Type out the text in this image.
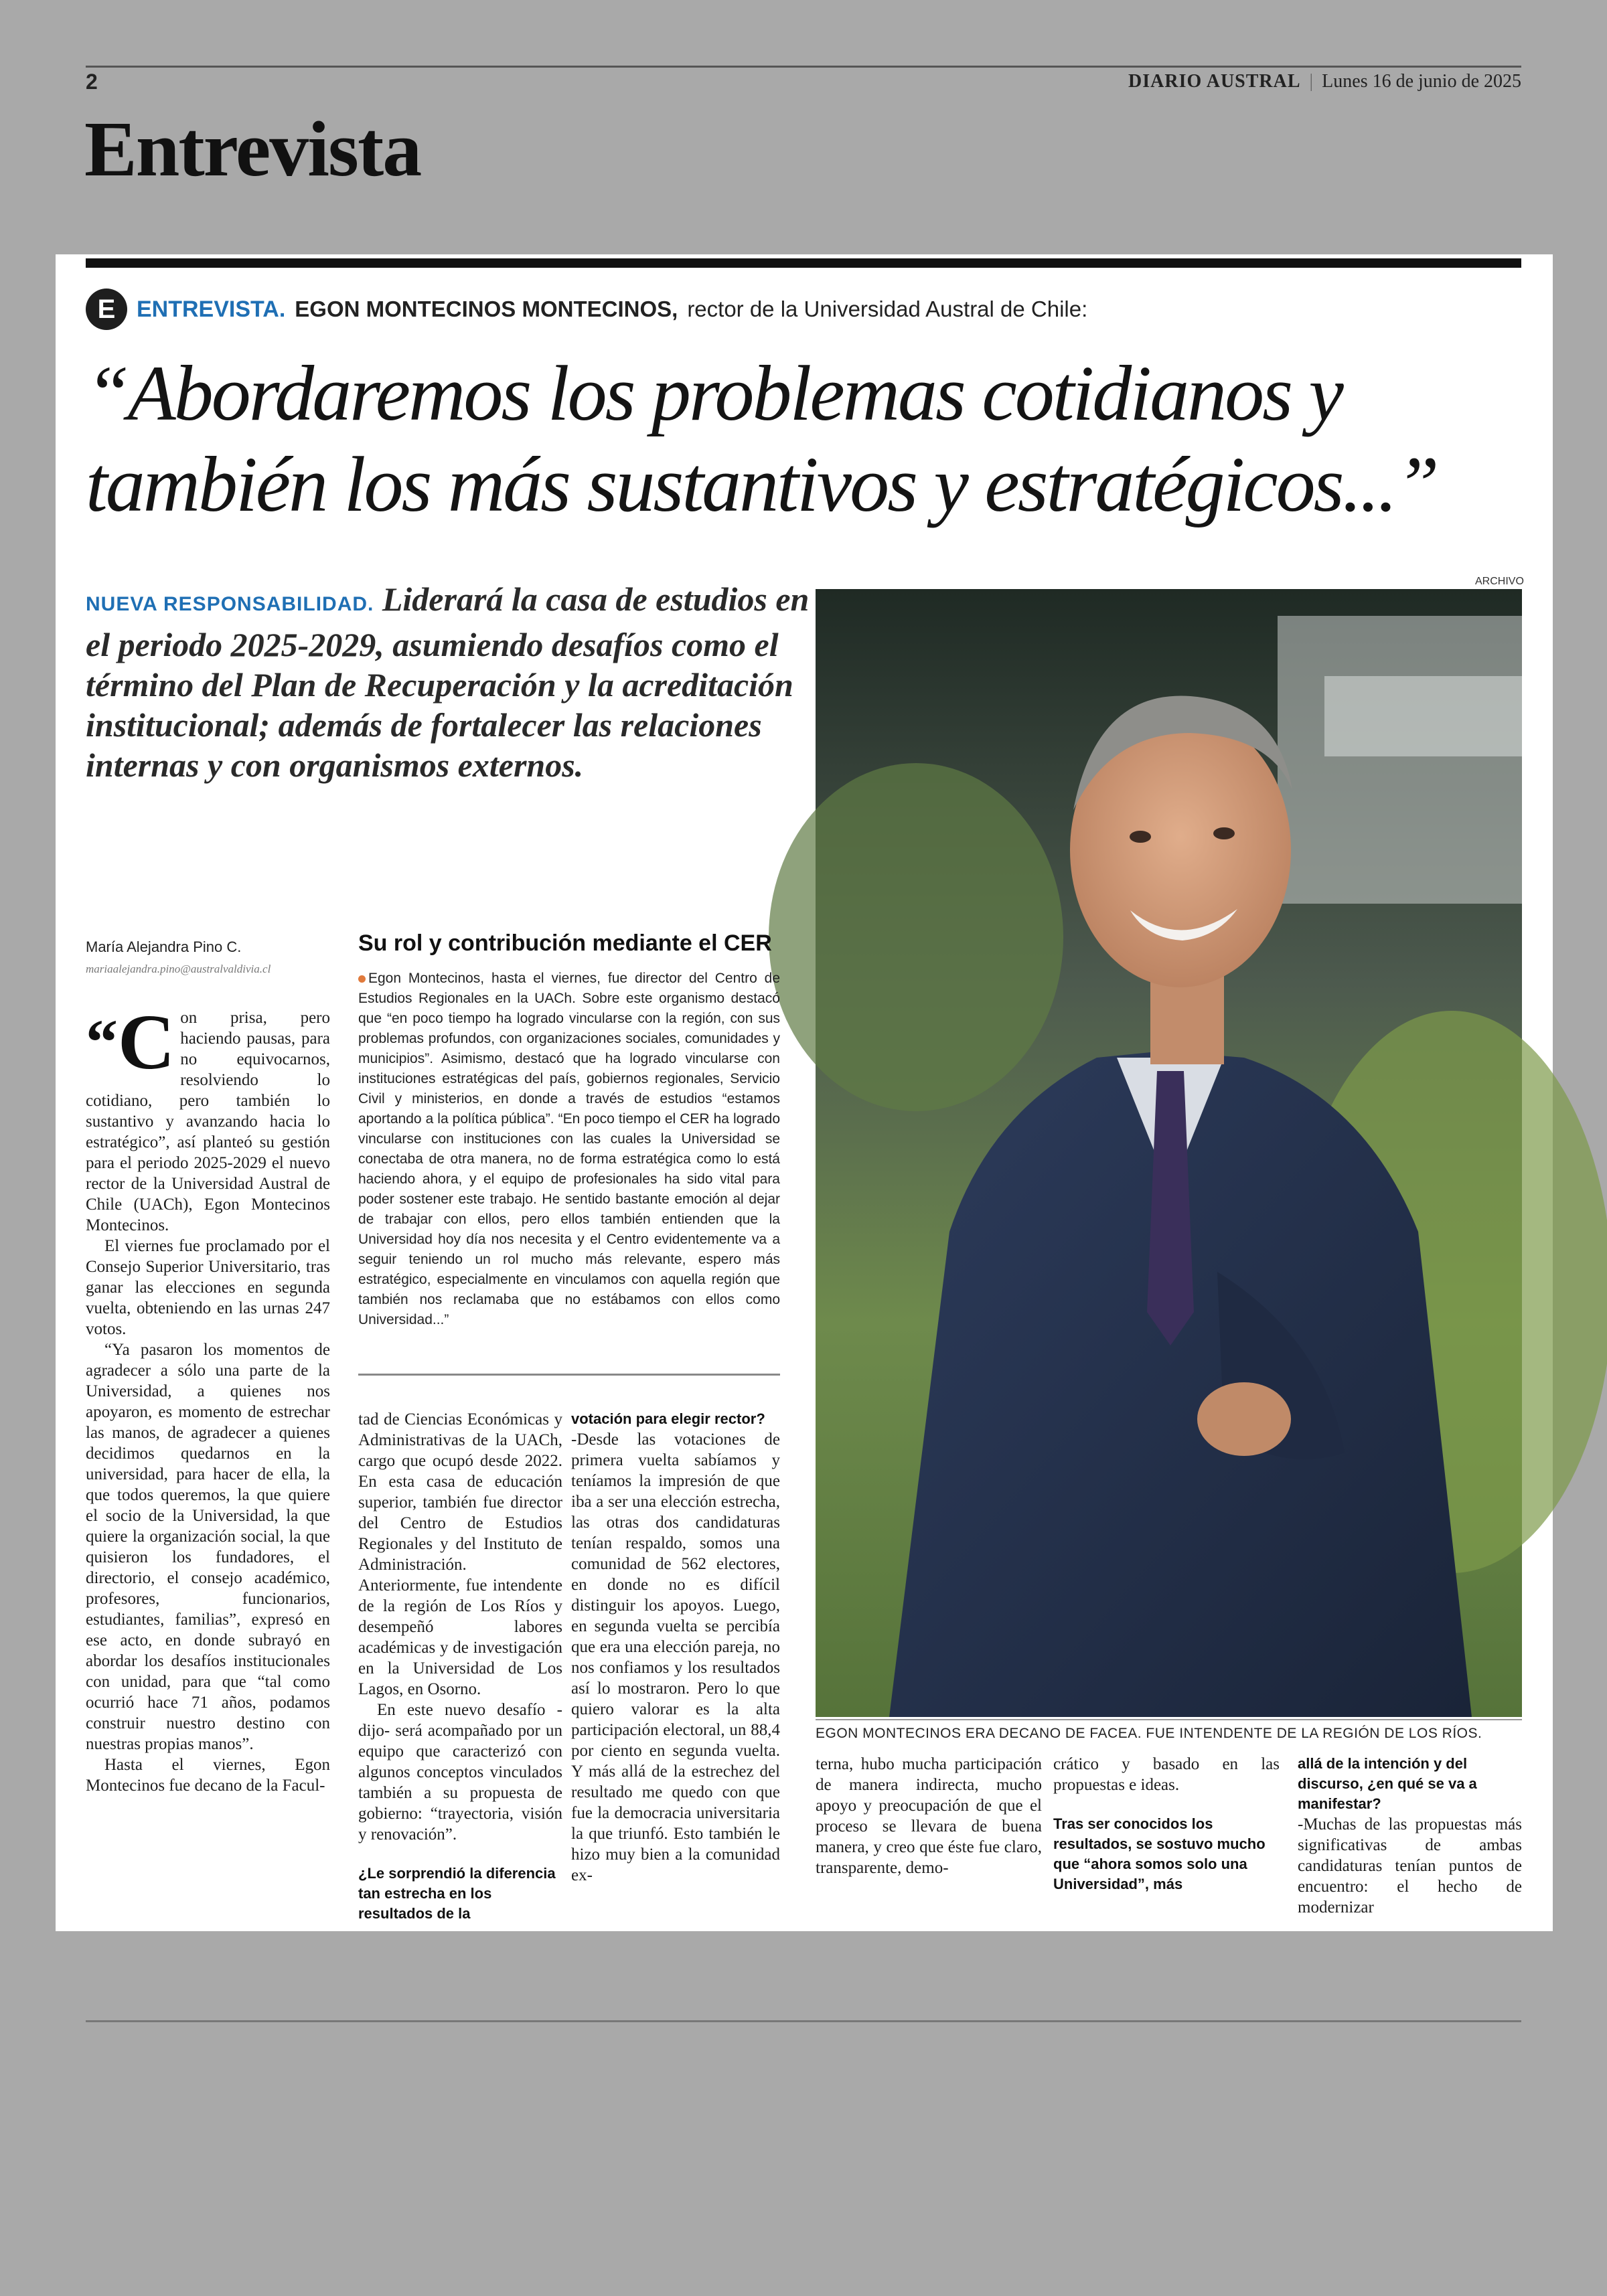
2	DIARIO AUSTRAL | Lunes 16 de junio de 2025
Entrevista
E ENTREVISTA. EGON MONTECINOS MONTECINOS, rector de la Universidad Austral de Chile:
“Abordaremos los problemas cotidianos y también los más sustantivos y estratégicos...”
ARCHIVO
NUEVA RESPONSABILIDAD. Liderará la casa de estudios en el periodo 2025-2029, asumiendo desafíos como el término del Plan de Recuperación y la acreditación institucional; además de fortalecer las relaciones internas y con organismos externos.
EGON MONTECINOS ERA DECANO DE FACEA. FUE INTENDENTE DE LA REGIÓN DE LOS RÍOS.
María Alejandra Pino C.
mariaalejandra.pino@australvaldivia.cl
“C on prisa, pero haciendo pausas, para no equivocarnos, resolviendo lo cotidiano, pero también lo sustantivo y avanzando hacia lo estratégico”, así planteó su gestión para el periodo 2025-2029 el nuevo rector de la Universidad Austral de Chile (UACh), Egon Montecinos Montecinos.

El viernes fue proclamado por el Consejo Superior Universitario, tras ganar las elecciones en segunda vuelta, obteniendo en las urnas 247 votos.

“Ya pasaron los momentos de agradecer a sólo una parte de la Universidad, a quienes nos apoyaron, es momento de estrechar las manos, de agradecer a quienes decidimos quedarnos en la universidad, para hacer de ella, la que todos queremos, la que quiere el socio de la Universidad, la que quiere la organización social, la que quisieron los fundadores, el directorio, el consejo académico, profesores, funcionarios, estudiantes, familias”, expresó en ese acto, en donde subrayó en abordar los desafíos institucionales con unidad, para que “tal como ocurrió hace 71 años, podamos construir nuestro destino con nuestras propias manos”.

Hasta el viernes, Egon Montecinos fue decano de la Facul-

Su rol y contribución mediante el CER
Egon Montecinos, hasta el viernes, fue director del Centro de Estudios Regionales en la UACh. Sobre este organismo destacó que “en poco tiempo ha logrado vincularse con la región, con sus problemas profundos, con organizaciones sociales, comunidades y municipios”. Asimismo, destacó que ha logrado vincularse con instituciones estratégicas del país, gobiernos regionales, Servicio Civil y ministerios, en donde a través de estudios “estamos aportando a la política pública”. “En poco tiempo el CER ha logrado vincularse con instituciones con las cuales la Universidad se conectaba de otra manera, no de forma estratégica como lo está haciendo ahora, y el equipo de profesionales ha sido vital para poder sostener este trabajo. He sentido bastante emoción al dejar de trabajar con ellos, pero ellos también entienden que la Universidad hoy día nos necesita y el Centro evidentemente va a seguir teniendo un rol mucho más relevante, espero más estratégico, especialmente en vinculamos con aquella región que también nos reclamaba que no estábamos con ellos como Universidad...”

tad de Ciencias Económicas y Administrativas de la UACh, cargo que ocupó desde 2022. En esta casa de educación superior, también fue director del Centro de Estudios Regionales y del Instituto de Administración. Anteriormente, fue intendente de la región de Los Ríos y desempeñó labores académicas y de investigación en la Universidad de Los Lagos, en Osorno.

En este nuevo desafío -dijo- será acompañado por un equipo que caracterizó con algunos conceptos vinculados también a su propuesta de gobierno: “trayectoria, visión y renovación”.

¿Le sorprendió la diferencia tan estrecha en los resultados de la
votación para elegir rector?

-Desde las votaciones de primera vuelta sabíamos y teníamos la impresión de que iba a ser una elección estrecha, las otras dos candidaturas tenían respaldo, somos una comunidad de 562 electores, en donde no es difícil distinguir los apoyos. Luego, en segunda vuelta se percibía que era una elección pareja, no nos confiamos y los resultados así lo mostraron. Pero lo que quiero valorar es la alta participación electoral, un 88,4 por ciento en segunda vuelta. Y más allá de la estrechez del resultado me quedo con que fue la democracia universitaria la que triunfó. Esto también le hizo muy bien a la comunidad ex-

terna, hubo mucha participación de manera indirecta, mucho apoyo y preocupación de que el proceso se llevara de buena manera, y creo que éste fue claro, transparente, demo-

crático y basado en las propuestas e ideas.

Tras ser conocidos los resultados, se sostuvo mucho que “ahora somos solo una Universidad”, más
allá de la intención y del discurso, ¿en qué se va a manifestar?

-Muchas de las propuestas más significativas de ambas candidaturas tenían puntos de encuentro: el hecho de modernizar
